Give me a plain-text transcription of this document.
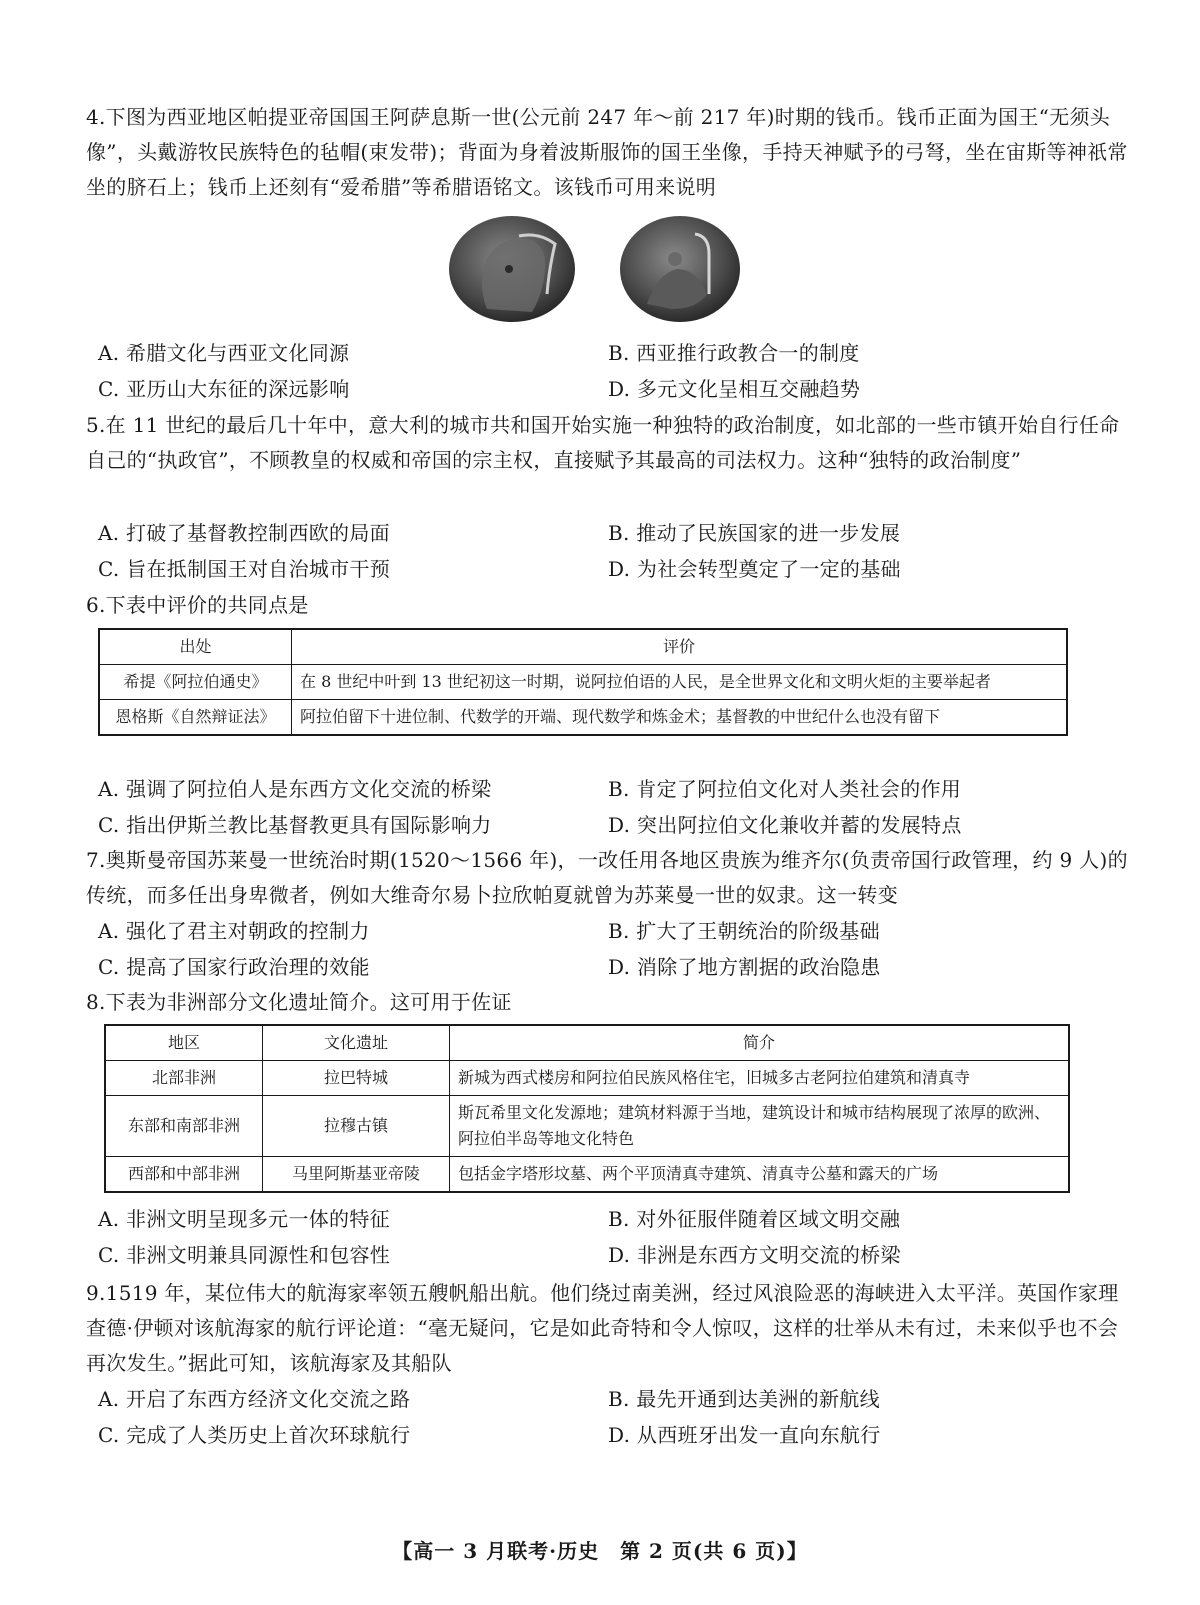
4.下图为西亚地区帕提亚帝国国王阿萨息斯一世(公元前 247 年～前 217 年)时期的钱币。钱币正面为国王“无须头像”，头戴游牧民族特色的毡帽(束发带)；背面为身着波斯服饰的国王坐像，手持天神赋予的弓弩，坐在宙斯等神祇常坐的脐石上；钱币上还刻有“爱希腊”等希腊语铭文。该钱币可用来说明

A. 希腊文化与西亚文化同源	B. 西亚推行政教合一的制度
C. 亚历山大东征的深远影响	D. 多元文化呈相互交融趋势

5.在 11 世纪的最后几十年中，意大利的城市共和国开始实施一种独特的政治制度，如北部的一些市镇开始自行任命自己的“执政官”，不顾教皇的权威和帝国的宗主权，直接赋予其最高的司法权力。这种“独特的政治制度”

A. 打破了基督教控制西欧的局面	B. 推动了民族国家的进一步发展
C. 旨在抵制国王对自治城市干预	D. 为社会转型奠定了一定的基础

6.下表中评价的共同点是

出处	评价
希提《阿拉伯通史》	在 8 世纪中叶到 13 世纪初这一时期，说阿拉伯语的人民，是全世界文化和文明火炬的主要举起者
恩格斯《自然辩证法》	阿拉伯留下十进位制、代数学的开端、现代数学和炼金术；基督教的中世纪什么也没有留下
A. 强调了阿拉伯人是东西方文化交流的桥梁	B. 肯定了阿拉伯文化对人类社会的作用
C. 指出伊斯兰教比基督教更具有国际影响力	D. 突出阿拉伯文化兼收并蓄的发展特点

7.奥斯曼帝国苏莱曼一世统治时期(1520～1566 年)，一改任用各地区贵族为维齐尔(负责帝国行政管理，约 9 人)的传统，而多任出身卑微者，例如大维奇尔易卜拉欣帕夏就曾为苏莱曼一世的奴隶。这一转变

A. 强化了君主对朝政的控制力	B. 扩大了王朝统治的阶级基础
C. 提高了国家行政治理的效能	D. 消除了地方割据的政治隐患

8.下表为非洲部分文化遗址简介。这可用于佐证

地区	文化遗址	简介
北部非洲	拉巴特城	新城为西式楼房和阿拉伯民族风格住宅，旧城多古老阿拉伯建筑和清真寺
东部和南部非洲	拉穆古镇	斯瓦希里文化发源地；建筑材料源于当地，建筑设计和城市结构展现了浓厚的欧洲、阿拉伯半岛等地文化特色
西部和中部非洲	马里阿斯基亚帝陵	包括金字塔形坟墓、两个平顶清真寺建筑、清真寺公墓和露天的广场
A. 非洲文明呈现多元一体的特征	B. 对外征服伴随着区域文明交融
C. 非洲文明兼具同源性和包容性	D. 非洲是东西方文明交流的桥梁

9.1519 年，某位伟大的航海家率领五艘帆船出航。他们绕过南美洲，经过风浪险恶的海峡进入太平洋。英国作家理查德·伊顿对该航海家的航行评论道：“毫无疑问，它是如此奇特和令人惊叹，这样的壮举从未有过，未来似乎也不会再次发生。”据此可知，该航海家及其船队

A. 开启了东西方经济文化交流之路	B. 最先开通到达美洲的新航线
C. 完成了人类历史上首次环球航行	D. 从西班牙出发一直向东航行
【高一 3 月联考·历史　第 2 页(共 6 页)】
